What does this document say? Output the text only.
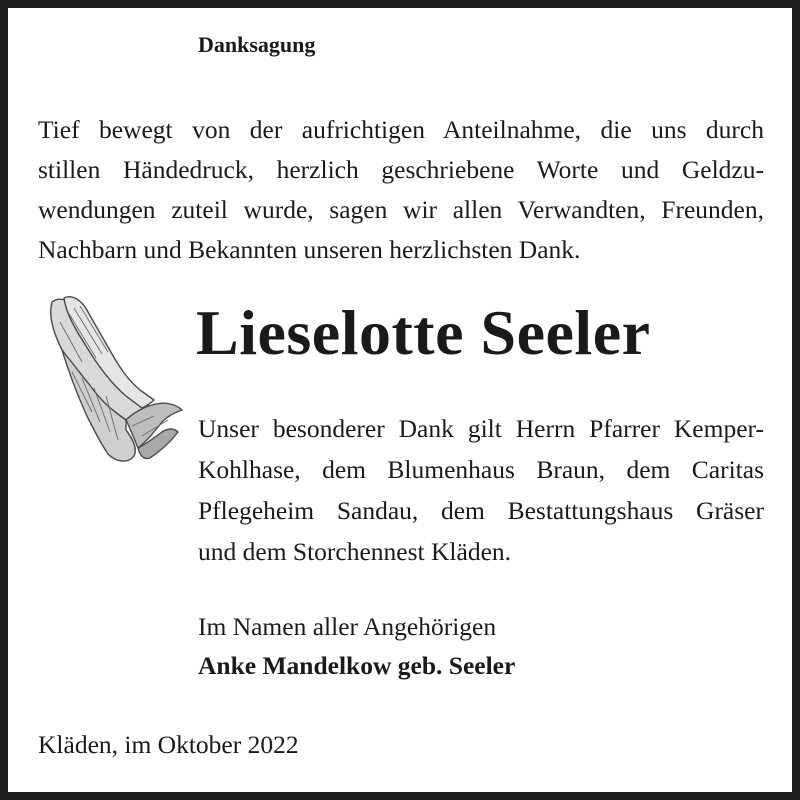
Danksagung
Tief bewegt von der aufrichtigen Anteilnahme, die uns durch
stillen Händedruck, herzlich geschriebene Worte und Geldzu-
wendungen zuteil wurde, sagen wir allen Verwandten, Freunden,
Nachbarn und Bekannten unseren herzlichsten Dank.
Lieselotte Seeler
Unser besonderer Dank gilt Herrn Pfarrer Kemper-
Kohlhase, dem Blumenhaus Braun, dem Caritas
Pflegeheim Sandau, dem Bestattungshaus Gräser
und dem Storchennest Kläden.
Im Namen aller Angehörigen
Anke Mandelkow geb. Seeler
Kläden, im Oktober 2022
